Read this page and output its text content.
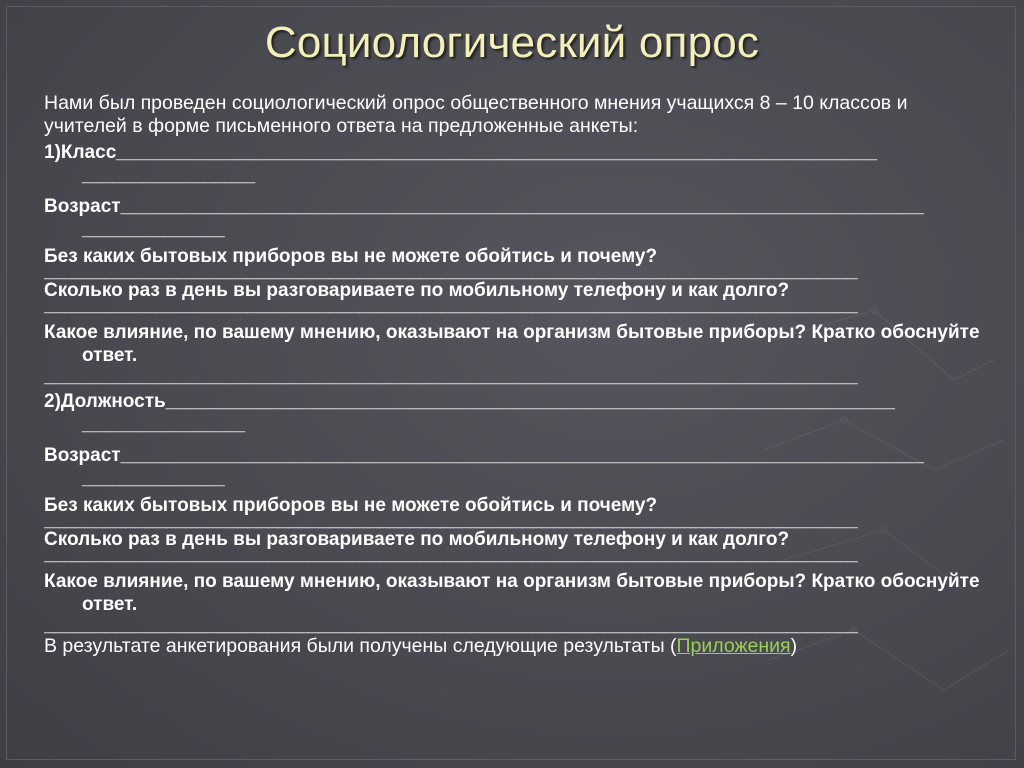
Социологический опрос

Нами был проведен социологический опрос общественного мнения учащихся 8 – 10 классов и учителей в форме письменного ответа на предложенные анкеты:

1)Класс________________________________________________________________________
_________________
Возраст____________________________________________________________________________
______________
Без каких бытовых приборов вы не можете обойтись и почему?
________________________________________________________________________________
Сколько раз в день вы разговариваете по мобильному телефону и как долго?
________________________________________________________________________________
Какое влияние, по вашему мнению, оказывают на организм бытовые приборы? Кратко обоснуйте ответ.
________________________________________________________________________________
2)Должность_____________________________________________________________________
________________
Возраст____________________________________________________________________________
______________
Без каких бытовых приборов вы не можете обойтись и почему?
________________________________________________________________________________
Сколько раз в день вы разговариваете по мобильному телефону и как долго?
________________________________________________________________________________
Какое влияние, по вашему мнению, оказывают на организм бытовые приборы? Кратко обоснуйте ответ.
________________________________________________________________________________

В результате анкетирования были получены следующие результаты (Приложения)
